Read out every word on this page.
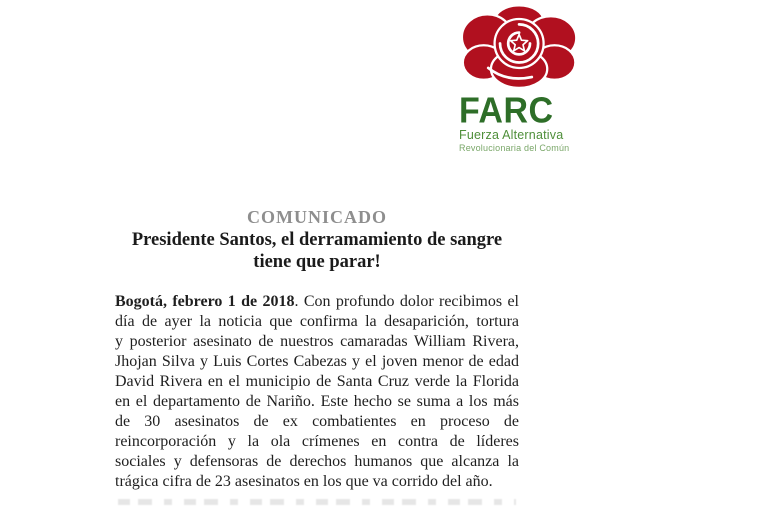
FARC
Fuerza Alternativa
Revolucionaria del Común
COMUNICADO
Presidente Santos, el derramamiento de sangre
tiene que parar!
Bogotá, febrero 1 de 2018. Con profundo dolor recibimos el
día de ayer la noticia que confirma la desaparición, tortura
y posterior asesinato de nuestros camaradas William Rivera,
Jhojan Silva y Luis Cortes Cabezas y el joven menor de edad
David Rivera en el municipio de Santa Cruz verde la Florida
en el departamento de Nariño. Este hecho se suma a los más
de 30 asesinatos de ex combatientes en proceso de
reincorporación y la ola crímenes en contra de líderes
sociales y defensoras de derechos humanos que alcanza la
trágica cifra de 23 asesinatos en los que va corrido del año.
